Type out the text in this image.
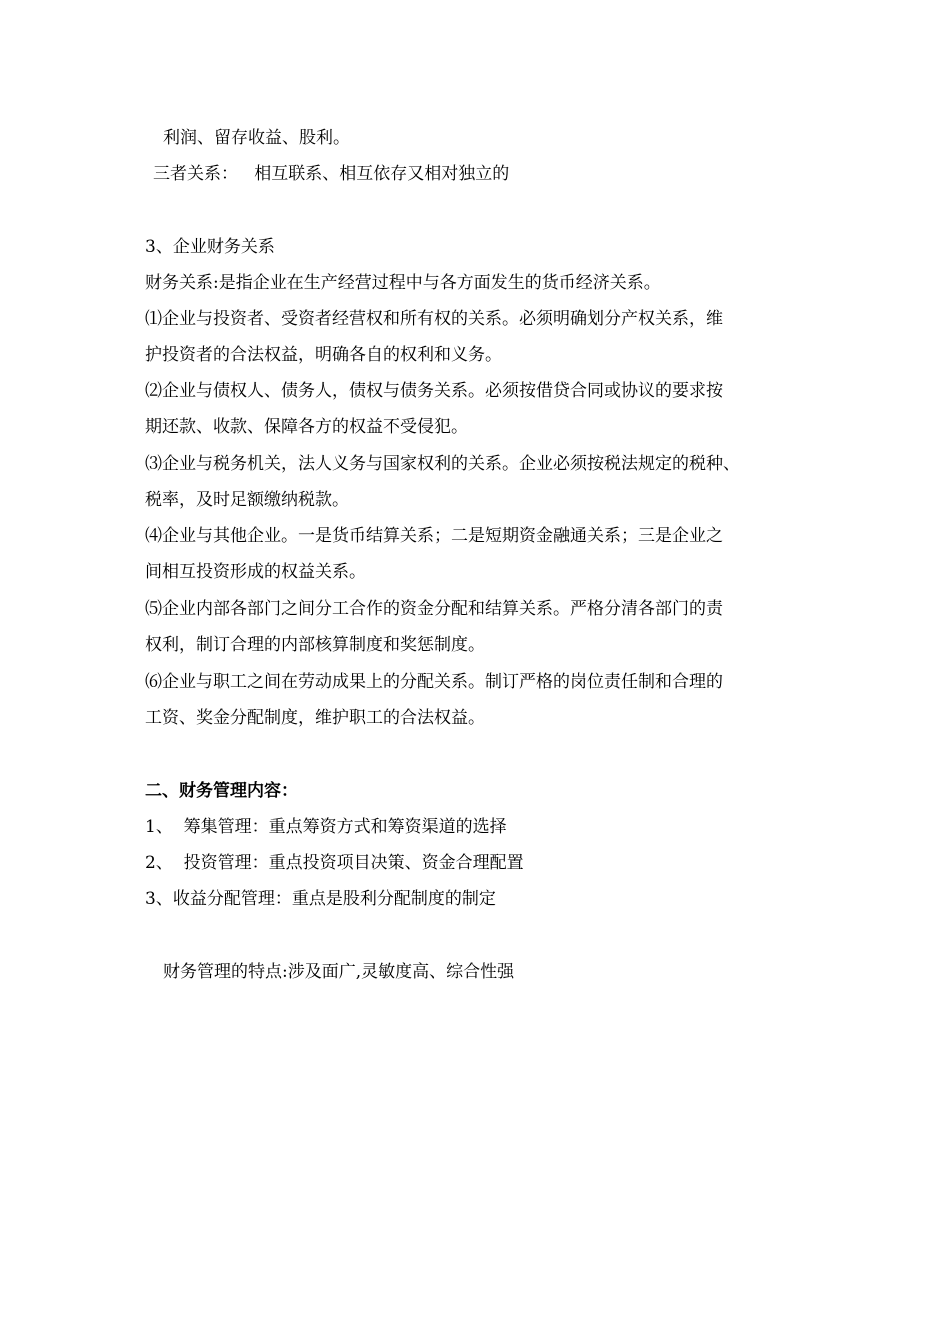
利润、留存收益、股利。
三者关系：   相互联系、相互依存又相对独立的
3、企业财务关系
财务关系:是指企业在生产经营过程中与各方面发生的货币经济关系。
⑴企业与投资者、受资者经营权和所有权的关系。必须明确划分产权关系，维
护投资者的合法权益，明确各自的权利和义务。
⑵企业与债权人、债务人，债权与债务关系。必须按借贷合同或协议的要求按
期还款、收款、保障各方的权益不受侵犯。
⑶企业与税务机关，法人义务与国家权利的关系。企业必须按税法规定的税种、
税率，及时足额缴纳税款。
⑷企业与其他企业。一是货币结算关系；二是短期资金融通关系；三是企业之
间相互投资形成的权益关系。
⑸企业内部各部门之间分工合作的资金分配和结算关系。严格分清各部门的责
权利，制订合理的内部核算制度和奖惩制度。
⑹企业与职工之间在劳动成果上的分配关系。制订严格的岗位责任制和合理的
工资、奖金分配制度，维护职工的合法权益。
二、财务管理内容：
1、  筹集管理：重点筹资方式和筹资渠道的选择
2、  投资管理：重点投资项目决策、资金合理配置
3、收益分配管理：重点是股利分配制度的制定
财务管理的特点:涉及面广,灵敏度高、综合性强
